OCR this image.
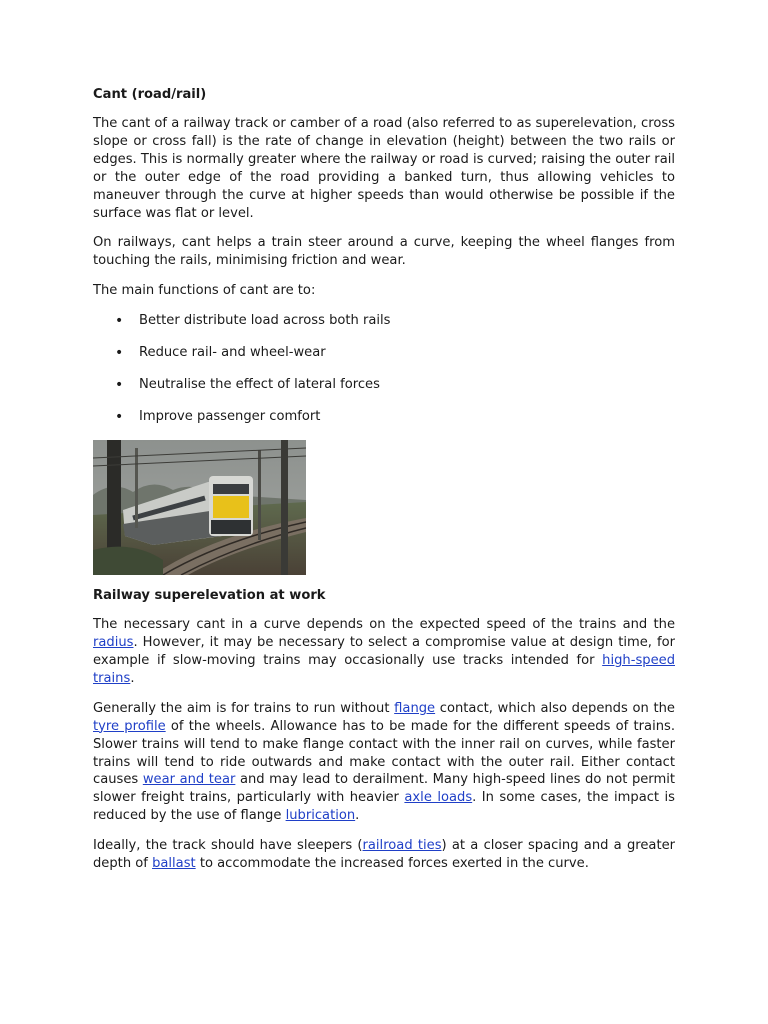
Cant (road/rail)

The cant of a railway track or camber of a road (also referred to as superelevation, cross slope or cross fall) is the rate of change in elevation (height) between the two rails or edges. This is normally greater where the railway or road is curved; raising the outer rail or the outer edge of the road providing a banked turn, thus allowing vehicles to maneuver through the curve at higher speeds than would otherwise be possible if the surface was flat or level.

On railways, cant helps a train steer around a curve, keeping the wheel flanges from touching the rails, minimising friction and wear.

The main functions of cant are to:

• Better distribute load across both rails
• Reduce rail- and wheel-wear
• Neutralise the effect of lateral forces
• Improve passenger comfort
Railway superelevation at work

The necessary cant in a curve depends on the expected speed of the trains and the radius. However, it may be necessary to select a compromise value at design time, for example if slow-moving trains may occasionally use tracks intended for high-speed trains.

Generally the aim is for trains to run without flange contact, which also depends on the tyre profile of the wheels. Allowance has to be made for the different speeds of trains. Slower trains will tend to make flange contact with the inner rail on curves, while faster trains will tend to ride outwards and make contact with the outer rail. Either contact causes wear and tear and may lead to derailment. Many high-speed lines do not permit slower freight trains, particularly with heavier axle loads. In some cases, the impact is reduced by the use of flange lubrication.

Ideally, the track should have sleepers (railroad ties) at a closer spacing and a greater depth of ballast to accommodate the increased forces exerted in the curve.
